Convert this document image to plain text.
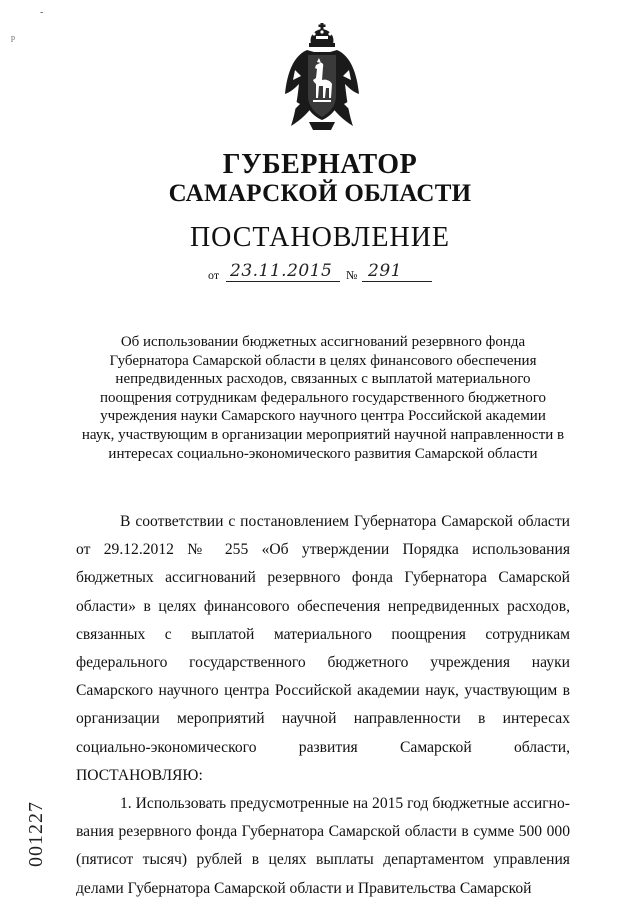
-
р
ГУБЕРНАТОР
САМАРСКОЙ ОБЛАСТИ
ПОСТАНОВЛЕНИЕ
от 23.11.2015 № 291
Об использовании бюджетных ассигнований резервного фонда
Губернатора Самарской области в целях финансового обеспечения
непредвиденных расходов, связанных с выплатой материального
поощрения сотрудникам федерального государственного бюджетного
учреждения науки Самарского научного центра Российской академии
наук, участвующим в организации мероприятий научной направленности в
интересах социально-экономического развития Самарской области

В соответствии с постановлением Губернатора Самарской области от 29.12.2012 № 255 «Об утверждении Порядка использования бюджетных ассигнований резервного фонда Губернатора Самарской области» в целях финансового обеспечения непредвиденных расходов, связанных с выплатой материального поощрения сотрудникам федерального государственного бюджетного учреждения науки Самарского научного центра Российской академии наук, участвующим в организации мероприятий научной направленности в интересах социально-экономического развития Самарской области, ПОСТАНОВЛЯЮ:

1. Использовать предусмотренные на 2015 год бюджетные ассигнования резервного фонда Губернатора Самарской области в сумме 500 000 (пятисот тысяч) рублей в целях выплаты департаментом управления делами Губернатора Самарской области и Правительства Самарской

001227
